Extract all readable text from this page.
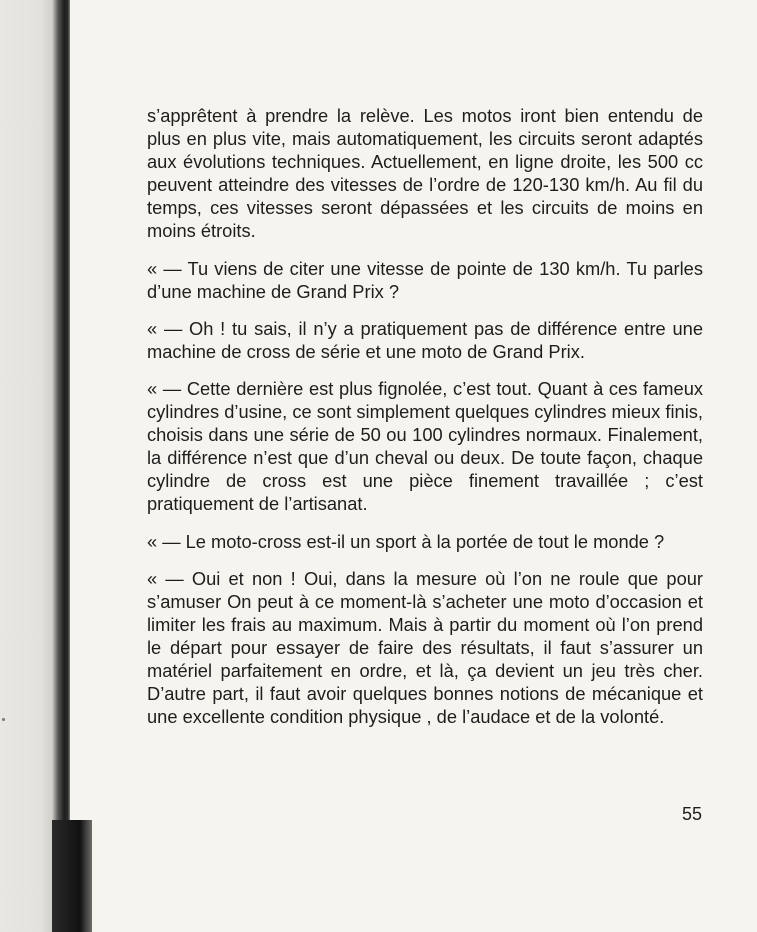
s’apprêtent à prendre la relève. Les motos iront bien entendu de plus en plus vite, mais automatiquement, les circuits seront adaptés aux évolutions techniques. Actuellement, en ligne droite, les 500 cc peuvent atteindre des vitesses de l’ordre de 120-130 km/h. Au fil du temps, ces vitesses seront dépassées et les circuits de moins en moins étroits.

« — Tu viens de citer une vitesse de pointe de 130 km/h. Tu parles d’une machine de Grand Prix ?

« — Oh ! tu sais, il n’y a pratiquement pas de différence entre une machine de cross de série et une moto de Grand Prix.

« — Cette dernière est plus fignolée, c’est tout. Quant à ces fameux cylindres d’usine, ce sont simplement quelques cylindres mieux finis, choisis dans une série de 50 ou 100 cylindres normaux. Finalement, la différence n’est que d’un cheval ou deux. De toute façon, chaque cylindre de cross est une pièce finement travaillée ; c’est pratiquement de l’artisanat.

« — Le moto-cross est-il un sport à la portée de tout le monde ?

« — Oui et non ! Oui, dans la mesure où l’on ne roule que pour s’amuser On peut à ce moment-là s’acheter une moto d’occasion et limiter les frais au maximum. Mais à partir du moment où l’on prend le départ pour essayer de faire des résultats, il faut s’assurer un matériel parfaitement en ordre, et là, ça devient un jeu très cher. D’autre part, il faut avoir quelques bonnes notions de mécanique et une excellente condition physique , de l’audace et de la volonté.

55
